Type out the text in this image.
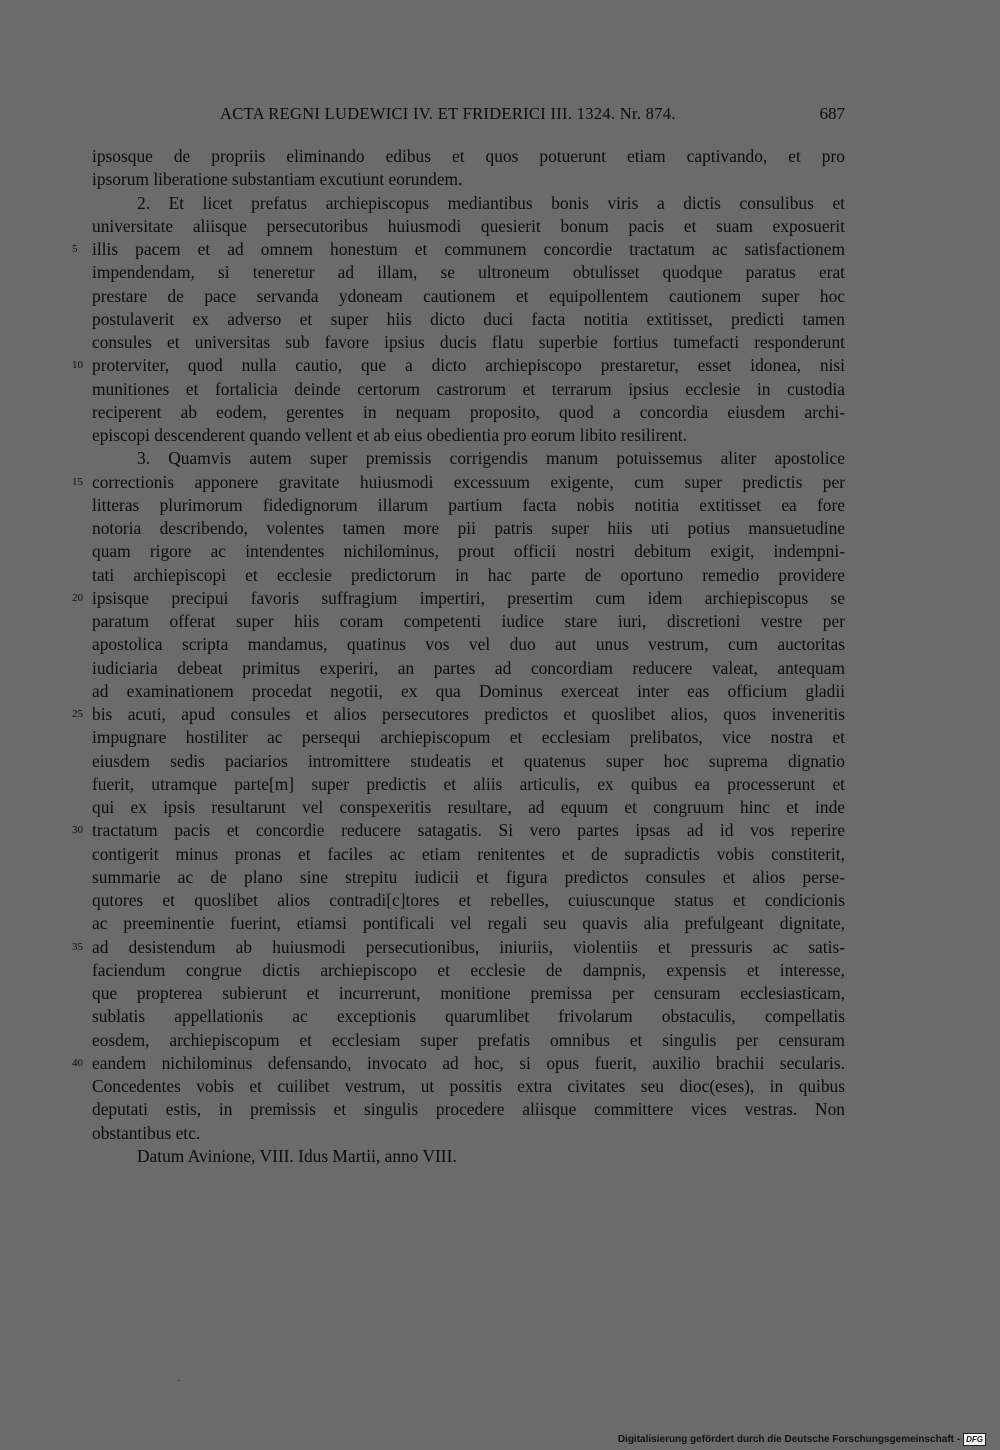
ACTA REGNI LUDEWICI IV. ET FRIDERICI III. 1324. Nr. 874.	687
ipsosque de propriis eliminando edibus et quos potuerunt etiam captivando, et pro
ipsorum liberatione substantiam excutiunt eorundem.
2. Et licet prefatus archiepiscopus mediantibus bonis viris a dictis consulibus et
universitate aliisque persecutoribus huiusmodi quesierit bonum pacis et suam exposuerit
5 illis pacem et ad omnem honestum et communem concordie tractatum ac satisfactionem
impendendam, si teneretur ad illam, se ultroneum obtulisset quodque paratus erat
prestare de pace servanda ydoneam cautionem et equipollentem cautionem super hoc
postulaverit ex adverso et super hiis dicto duci facta notitia extitisset, predicti tamen
consules et universitas sub favore ipsius ducis flatu superbie fortius tumefacti responderunt
10 proterviter, quod nulla cautio, que a dicto archiepiscopo prestaretur, esset idonea, nisi
munitiones et fortalicia deinde certorum castrorum et terrarum ipsius ecclesie in custodia
reciperent ab eodem, gerentes in nequam proposito, quod a concordia eiusdem archi-
episcopi descenderent quando vellent et ab eius obedientia pro eorum libito resilirent.
3. Quamvis autem super premissis corrigendis manum potuissemus aliter apostolice
15 correctionis apponere gravitate huiusmodi excessuum exigente, cum super predictis per
litteras plurimorum fidedignorum illarum partium facta nobis notitia extitisset ea fore
notoria describendo, volentes tamen more pii patris super hiis uti potius mansuetudine
quam rigore ac intendentes nichilominus, prout officii nostri debitum exigit, indempni-
tati archiepiscopi et ecclesie predictorum in hac parte de oportuno remedio providere
20 ipsisque precipui favoris suffragium impertiri, presertim cum idem archiepiscopus se
paratum offerat super hiis coram competenti iudice stare iuri, discretioni vestre per
apostolica scripta mandamus, quatinus vos vel duo aut unus vestrum, cum auctoritas
iudiciaria debeat primitus experiri, an partes ad concordiam reducere valeat, antequam
ad examinationem procedat negotii, ex qua Dominus exerceat inter eas officium gladii
25 bis acuti, apud consules et alios persecutores predictos et quoslibet alios, quos inveneritis
impugnare hostiliter ac persequi archiepiscopum et ecclesiam prelibatos, vice nostra et
eiusdem sedis paciarios intromittere studeatis et quatenus super hoc suprema dignatio
fuerit, utramque parte[m] super predictis et aliis articulis, ex quibus ea processerunt et
qui ex ipsis resultarunt vel conspexeritis resultare, ad equum et congruum hinc et inde
30 tractatum pacis et concordie reducere satagatis. Si vero partes ipsas ad id vos reperire
contigerit minus pronas et faciles ac etiam renitentes et de supradictis vobis constiterit,
summarie ac de plano sine strepitu iudicii et figura predictos consules et alios perse-
qutores et quoslibet alios contradi[c]tores et rebelles, cuiuscunque status et condicionis
ac preeminentie fuerint, etiamsi pontificali vel regali seu quavis alia prefulgeant dignitate,
35 ad desistendum ab huiusmodi persecutionibus, iniuriis, violentiis et pressuris ac satis-
faciendum congrue dictis archiepiscopo et ecclesie de dampnis, expensis et interesse,
que propterea subierunt et incurrerunt, monitione premissa per censuram ecclesiasticam,
sublatis appellationis ac exceptionis quarumlibet frivolarum obstaculis, compellatis
eosdem, archiepiscopum et ecclesiam super prefatis omnibus et singulis per censuram
40 eandem nichilominus defensando, invocato ad hoc, si opus fuerit, auxilio brachii secularis.
Concedentes vobis et cuilibet vestrum, ut possitis extra civitates seu dioc(eses), in quibus
deputati estis, in premissis et singulis procedere aliisque committere vices vestras. Non
obstantibus etc.
Datum Avinione, VIII. Idus Martii, anno VIII.
Digitalisierung gefördert durch die Deutsche Forschungsgemeinschaft - DFG
